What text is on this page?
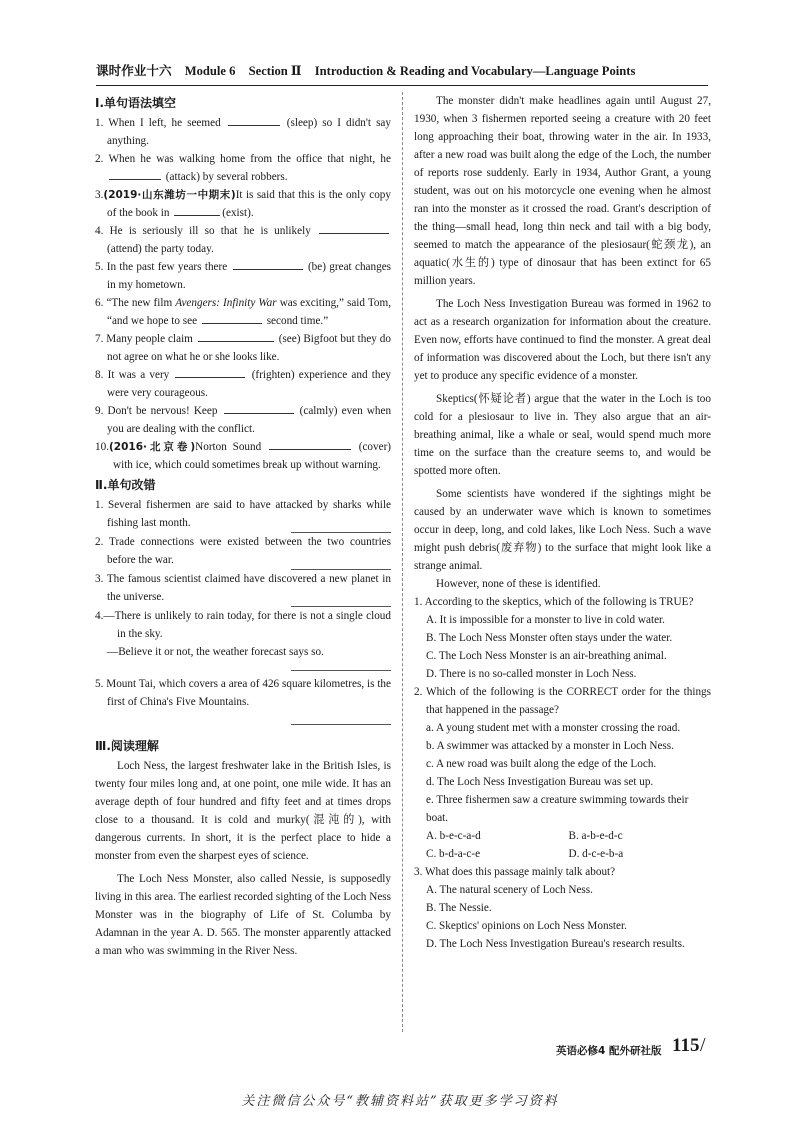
课时作业十六 Module 6 Section Ⅱ Introduction & Reading and Vocabulary—Language Points
Ⅰ.单句语法填空
1. When I left, he seemed	(sleep) so I didn't say anything.
2. When he was walking home from the office that night, he  (attack) by several robbers.
3.(2019·山东潍坊一中期末)It is said that this is the only copy of the book in	(exist).
4. He is seriously ill so that he is unlikely  (attend) the party today.
5. In the past few years there	(be) great changes in my hometown.
6. “The new film Avengers: Infinity War was exciting,” said Tom, “and we hope to see	second time.”
7. Many people claim	(see) Bigfoot but they do not agree on what he or she looks like.
8. It was a very	(frighten) experience and they were very courageous.
9. Don't be nervous! Keep	(calmly) even when you are dealing with the conflict.
10.(2016·北京卷)Norton Sound	(cover) with ice, which could sometimes break up without warning.
Ⅱ.单句改错
1. Several fishermen are said to have attacked by sharks while fishing last month.
2. Trade connections were existed between the two countries before the war.
3. The famous scientist claimed have discovered a new planet in the universe.
4.—There is unlikely to rain today, for there is not a single cloud in the sky.
—Believe it or not, the weather forecast says so.
5. Mount Tai, which covers a area of 426 square kilometres, is the first of China's Five Mountains.
Ⅲ.阅读理解
Loch Ness, the largest freshwater lake in the British Isles, is twenty four miles long and, at one point, one mile wide. It has an average depth of four hundred and fifty feet and at times drops close to a thousand. It is cold and murky(混沌的), with dangerous currents. In short, it is the perfect place to hide a monster from even the sharpest eyes of science.
The Loch Ness Monster, also called Nessie, is supposedly living in this area. The earliest recorded sighting of the Loch Ness Monster was in the biography of Life of St. Columba by Adamnan in the year A. D. 565. The monster apparently attacked a man who was swimming in the River Ness.
The monster didn't make headlines again until August 27, 1930, when 3 fishermen reported seeing a creature with 20 feet long approaching their boat, throwing water in the air. In 1933, after a new road was built along the edge of the Loch, the number of reports rose suddenly. Early in 1934, Author Grant, a young student, was out on his motorcycle one evening when he almost ran into the monster as it crossed the road. Grant's description of the thing—small head, long thin neck and tail with a big body, seemed to match the appearance of the plesiosaur(蛇颈龙), an aquatic(水生的) type of dinosaur that has been extinct for 65 million years.
The Loch Ness Investigation Bureau was formed in 1962 to act as a research organization for information about the creature. Even now, efforts have continued to find the monster. A great deal of information was discovered about the Loch, but there isn't any yet to produce any specific evidence of a monster.
Skeptics(怀疑论者) argue that the water in the Loch is too cold for a plesiosaur to live in. They also argue that an air-breathing animal, like a whale or seal, would spend much more time on the surface than the creature seems to, and would be spotted more often.
Some scientists have wondered if the sightings might be caused by an underwater wave which is known to sometimes occur in deep, long, and cold lakes, like Loch Ness. Such a wave might push debris(废弃物) to the surface that might look like a strange animal.
However, none of these is identified.
1. According to the skeptics, which of the following is TRUE?
A. It is impossible for a monster to live in cold water.
B. The Loch Ness Monster often stays under the water.
C. The Loch Ness Monster is an air-breathing animal.
D. There is no so-called monster in Loch Ness.
2. Which of the following is the CORRECT order for the things that happened in the passage?
a. A young student met with a monster crossing the road.
b. A swimmer was attacked by a monster in Loch Ness.
c. A new road was built along the edge of the Loch.
d. The Loch Ness Investigation Bureau was set up.
e. Three fishermen saw a creature swimming towards their boat.
A. b-e-c-a-d	B. a-b-e-d-c
C. b-d-a-c-e	D. d-c-e-b-a
3. What does this passage mainly talk about?
A. The natural scenery of Loch Ness.
B. The Nessie.
C. Skeptics' opinions on Loch Ness Monster.
D. The Loch Ness Investigation Bureau's research results.
英语必修4 配外研社版 115 /
关注微信公众号“教辅资料站”获取更多学习资料
